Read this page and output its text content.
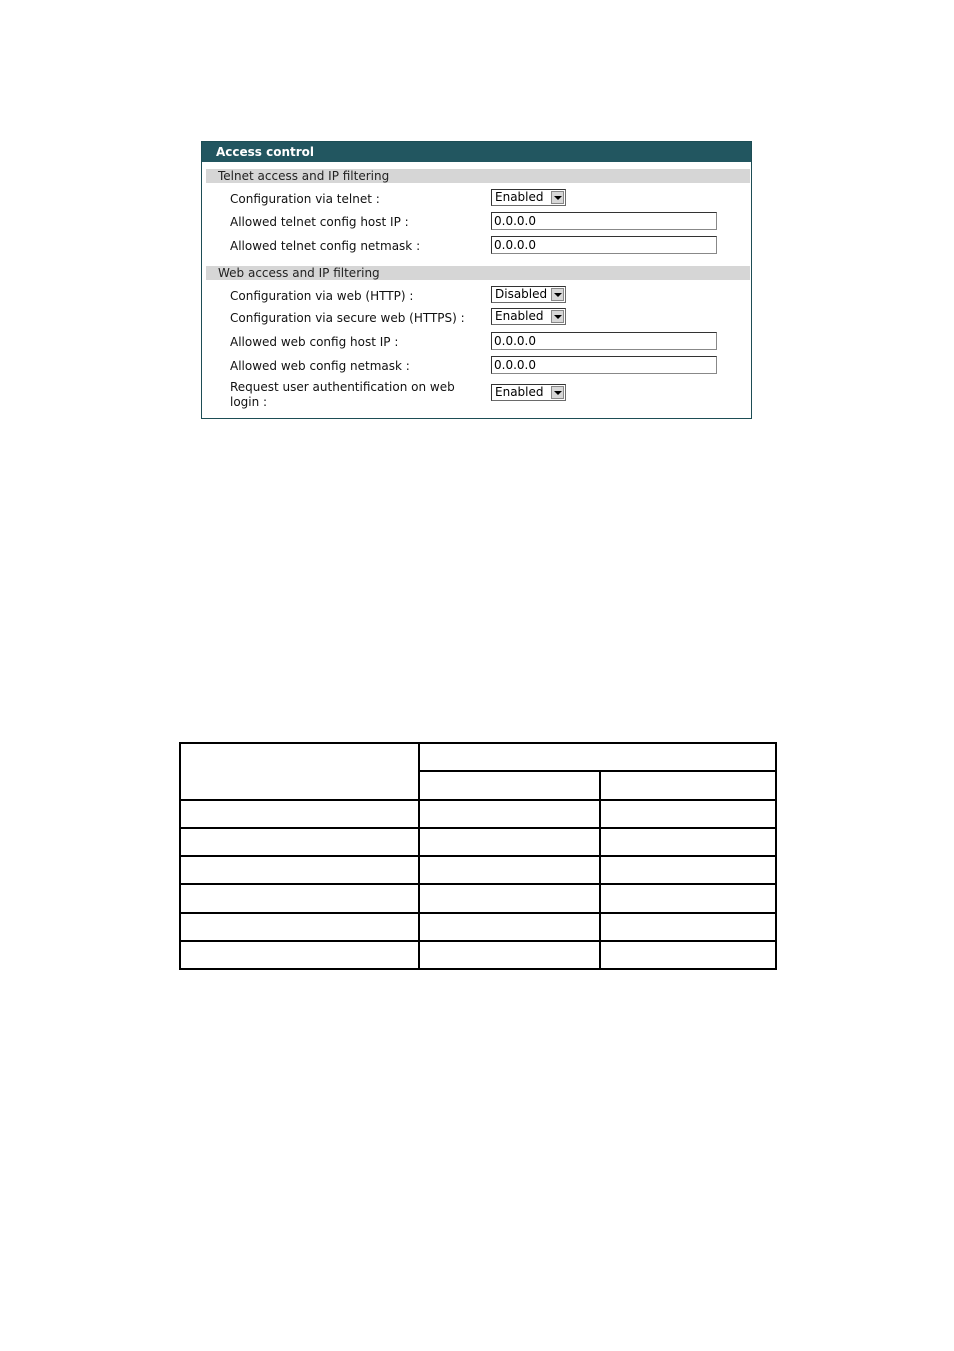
Access control
Telnet access and IP filtering
Configuration via telnet :	Enabled
Allowed telnet config host IP :	0.0.0.0
Allowed telnet config netmask :	0.0.0.0
Web access and IP filtering
Configuration via web (HTTP) :	Disabled
Configuration via secure web (HTTPS) :	Enabled
Allowed web config host IP :	0.0.0.0
Allowed web config netmask :	0.0.0.0
Request user authentification on web
login :
Enabled
